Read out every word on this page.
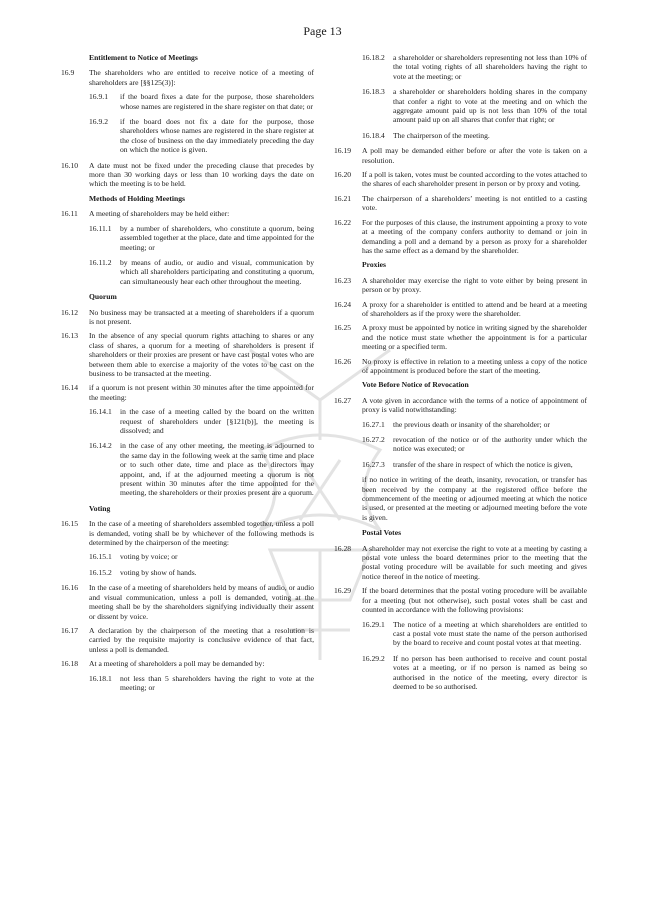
Page 13
Entitlement to Notice of Meetings
16.9	The shareholders who are entitled to receive notice of a meeting of shareholders are [§§125(3)]:
16.9.1	if the board fixes a date for the purpose, those shareholders whose names are registered in the share register on that date; or
16.9.2	if the board does not fix a date for the purpose, those shareholders whose names are registered in the share register at the close of business on the day immediately preceding the day on which the notice is given.
16.10	A date must not be fixed under the preceding clause that precedes by more than 30 working days or less than 10 working days the date on which the meeting is to be held.
Methods of Holding Meetings
16.11	A meeting of shareholders may be held either:
16.11.1	by a number of shareholders, who constitute a quorum, being assembled together at the place, date and time appointed for the meeting; or
16.11.2	by means of audio, or audio and visual, communication by which all shareholders participating and constituting a quorum, can simultaneously hear each other throughout the meeting.
Quorum
16.12	No business may be transacted at a meeting of shareholders if a quorum is not present.
16.13	In the absence of any special quorum rights attaching to shares or any class of shares, a quorum for a meeting of shareholders is present if shareholders or their proxies are present or have cast postal votes who are between them able to exercise a majority of the votes to be cast on the business to be transacted at the meeting.
16.14	if a quorum is not present within 30 minutes after the time appointed for the meeting:
16.14.1	in the case of a meeting called by the board on the written request of shareholders under [§121(b)], the meeting is dissolved; and
16.14.2	in the case of any other meeting, the meeting is adjourned to the same day in the following week at the same time and place or to such other date, time and place as the directors may appoint, and, if at the adjourned meeting a quorum is not present within 30 minutes after the time appointed for the meeting, the shareholders or their proxies present are a quorum.
Voting
16.15	In the case of a meeting of shareholders assembled together, unless a poll is demanded, voting shall be by whichever of the following methods is determined by the chairperson of the meeting:
16.15.1	voting by voice; or
16.15.2	voting by show of hands.
16.16	In the case of a meeting of shareholders held by means of audio, or audio and visual communication, unless a poll is demanded, voting at the meeting shall be by the shareholders signifying individually their assent or dissent by voice.
16.17	A declaration by the chairperson of the meeting that a resolution is carried by the requisite majority is conclusive evidence of that fact, unless a poll is demanded.
16.18	At a meeting of shareholders a poll may be demanded by:
16.18.1	not less than 5 shareholders having the right to vote at the meeting; or
16.18.2	a shareholder or shareholders representing not less than 10% of the total voting rights of all shareholders having the right to vote at the meeting; or
16.18.3	a shareholder or shareholders holding shares in the company that confer a right to vote at the meeting and on which the aggregate amount paid up is not less than 10% of the total amount paid up on all shares that confer that right; or
16.18.4	The chairperson of the meeting.
16.19	A poll may be demanded either before or after the vote is taken on a resolution.
16.20	If a poll is taken, votes must be counted according to the votes attached to the shares of each shareholder present in person or by proxy and voting.
16.21	The chairperson of a shareholders’ meeting is not entitled to a casting vote.
16.22	For the purposes of this clause, the instrument appointing a proxy to vote at a meeting of the company confers authority to demand or join in demanding a poll and a demand by a person as proxy for a shareholder has the same effect as a demand by the shareholder.
Proxies
16.23	A shareholder may exercise the right to vote either by being present in person or by proxy.
16.24	A proxy for a shareholder is entitled to attend and be heard at a meeting of shareholders as if the proxy were the shareholder.
16.25	A proxy must be appointed by notice in writing signed by the shareholder and the notice must state whether the appointment is for a particular meeting or a specified term.
16.26	No proxy is effective in relation to a meeting unless a copy of the notice of appointment is produced before the start of the meeting.
Vote Before Notice of Revocation
16.27	A vote given in accordance with the terms of a notice of appointment of proxy is valid notwithstanding:
16.27.1	the previous death or insanity of the shareholder; or
16.27.2	revocation of the notice or of the authority under which the notice was executed; or
16.27.3	transfer of the share in respect of which the notice is given,
if no notice in writing of the death, insanity, revocation, or transfer has been received by the company at the registered office before the commencement of the meeting or adjourned meeting at which the notice is used, or presented at the meeting or adjourned meeting before the vote is given.
Postal Votes
16.28	A shareholder may not exercise the right to vote at a meeting by casting a postal vote unless the board determines prior to the meeting that the postal voting procedure will be available for such meeting and gives notice thereof in the notice of meeting.
16.29	If the board determines that the postal voting procedure will be available for a meeting (but not otherwise), such postal votes shall be cast and counted in accordance with the following provisions:
16.29.1	The notice of a meeting at which shareholders are entitled to cast a postal vote must state the name of the person authorised by the board to receive and count postal votes at that meeting.
16.29.2	If no person has been authorised to receive and count postal votes at a meeting, or if no person is named as being so authorised in the notice of the meeting, every director is deemed to be so authorised.
